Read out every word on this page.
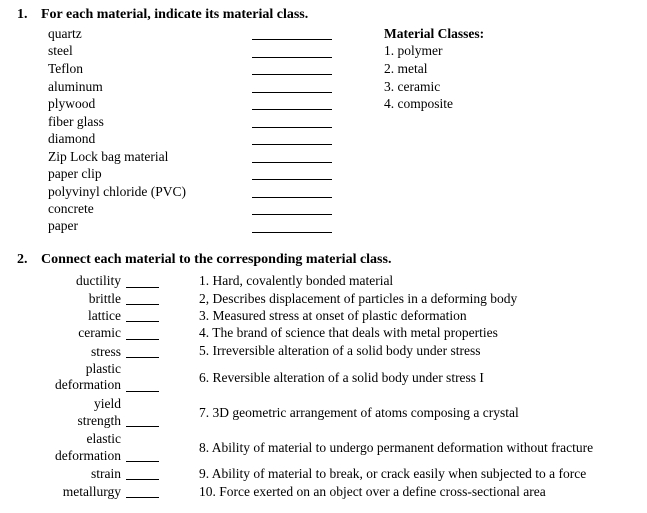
1. For each material, indicate its material class.
quartz
steel
Teflon
aluminum
plywood
fiber glass
diamond
Zip Lock bag material
paper clip
polyvinyl chloride (PVC)
concrete
paper
Material Classes:
1. polymer
2. metal
3. ceramic
4. composite
2. Connect each material to the corresponding material class.
ductility
brittle
lattice
ceramic
stress
plastic
deformation
yield
strength
elastic
deformation
strain
metallurgy
1. Hard, covalently bonded material
2, Describes displacement of particles in a deforming body
3. Measured stress at onset of plastic deformation
4. The brand of science that deals with metal properties
5. Irreversible alteration of a solid body under stress
6. Reversible alteration of a solid body under stress I
7. 3D geometric arrangement of atoms composing a crystal
8. Ability of material to undergo permanent deformation without fracture
9. Ability of material to break, or crack easily when subjected to a force
10. Force exerted on an object over a define cross-sectional area
